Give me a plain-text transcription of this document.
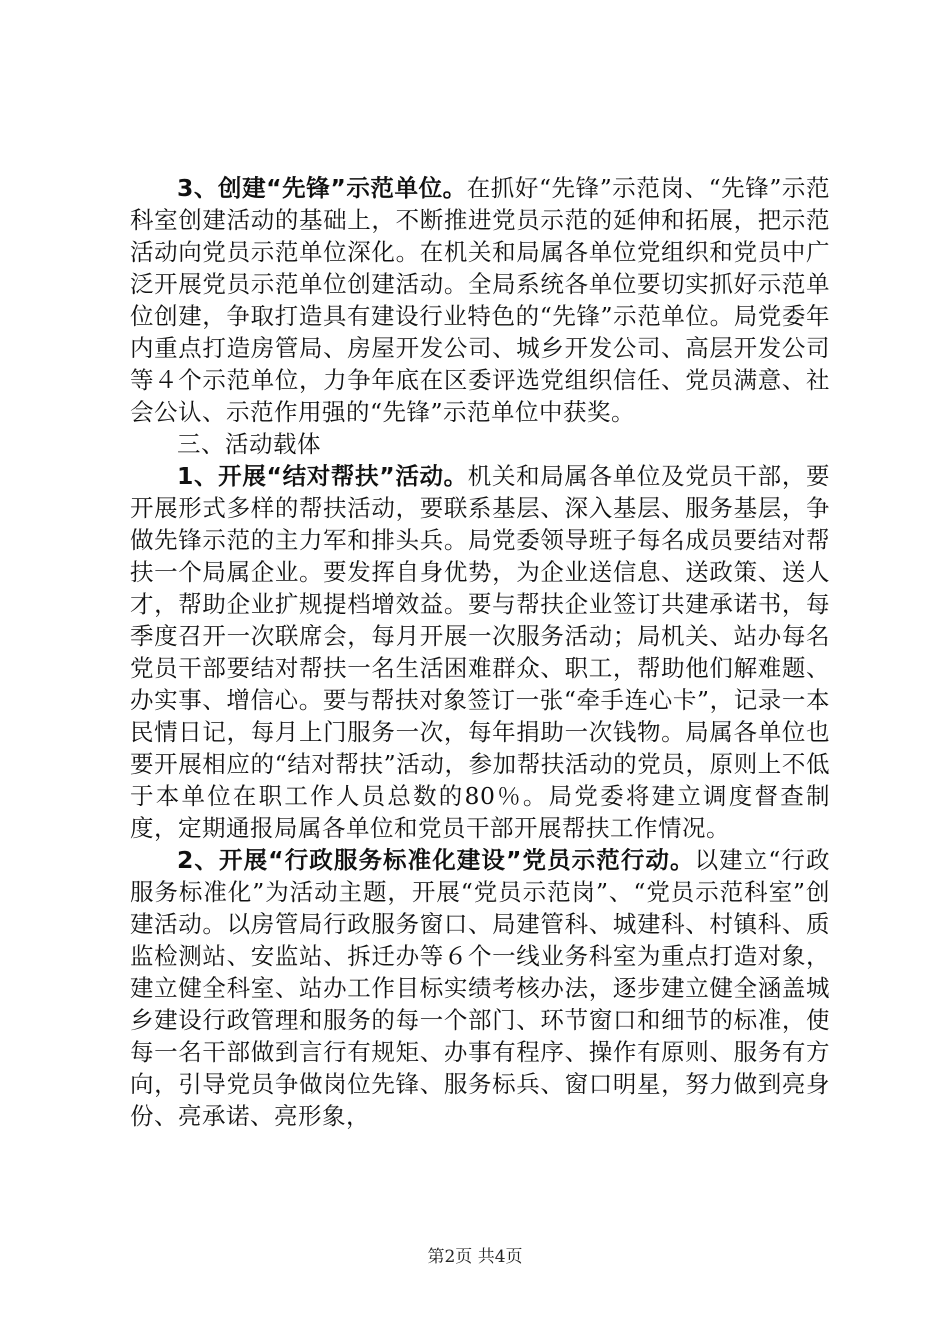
3、创建“先锋”示范单位。在抓好“先锋”示范岗、“先锋”示范科室创建活动的基础上，不断推进党员示范的延伸和拓展，把示范活动向党员示范单位深化。在机关和局属各单位党组织和党员中广泛开展党员示范单位创建活动。全局系统各单位要切实抓好示范单位创建，争取打造具有建设行业特色的“先锋”示范单位。局党委年内重点打造房管局、房屋开发公司、城乡开发公司、高层开发公司等４个示范单位，力争年底在区委评选党组织信任、党员满意、社会公认、示范作用强的“先锋”示范单位中获奖。

三、活动载体

1、开展“结对帮扶”活动。机关和局属各单位及党员干部，要开展形式多样的帮扶活动，要联系基层、深入基层、服务基层，争做先锋示范的主力军和排头兵。局党委领导班子每名成员要结对帮扶一个局属企业。要发挥自身优势，为企业送信息、送政策、送人才，帮助企业扩规提档增效益。要与帮扶企业签订共建承诺书，每季度召开一次联席会，每月开展一次服务活动；局机关、站办每名党员干部要结对帮扶一名生活困难群众、职工，帮助他们解难题、办实事、增信心。要与帮扶对象签订一张“牵手连心卡”，记录一本民情日记，每月上门服务一次，每年捐助一次钱物。局属各单位也要开展相应的“结对帮扶”活动，参加帮扶活动的党员，原则上不低于本单位在职工作人员总数的80％。局党委将建立调度督查制度，定期通报局属各单位和党员干部开展帮扶工作情况。

2、开展“行政服务标准化建设”党员示范行动。以建立“行政服务标准化”为活动主题，开展“党员示范岗”、“党员示范科室”创建活动。以房管局行政服务窗口、局建管科、城建科、村镇科、质监检测站、安监站、拆迁办等６个一线业务科室为重点打造对象，建立健全科室、站办工作目标实绩考核办法，逐步建立健全涵盖城乡建设行政管理和服务的每一个部门、环节窗口和细节的标准，使每一名干部做到言行有规矩、办事有程序、操作有原则、服务有方向，引导党员争做岗位先锋、服务标兵、窗口明星，努力做到亮身份、亮承诺、亮形象，

第2页 共4页
